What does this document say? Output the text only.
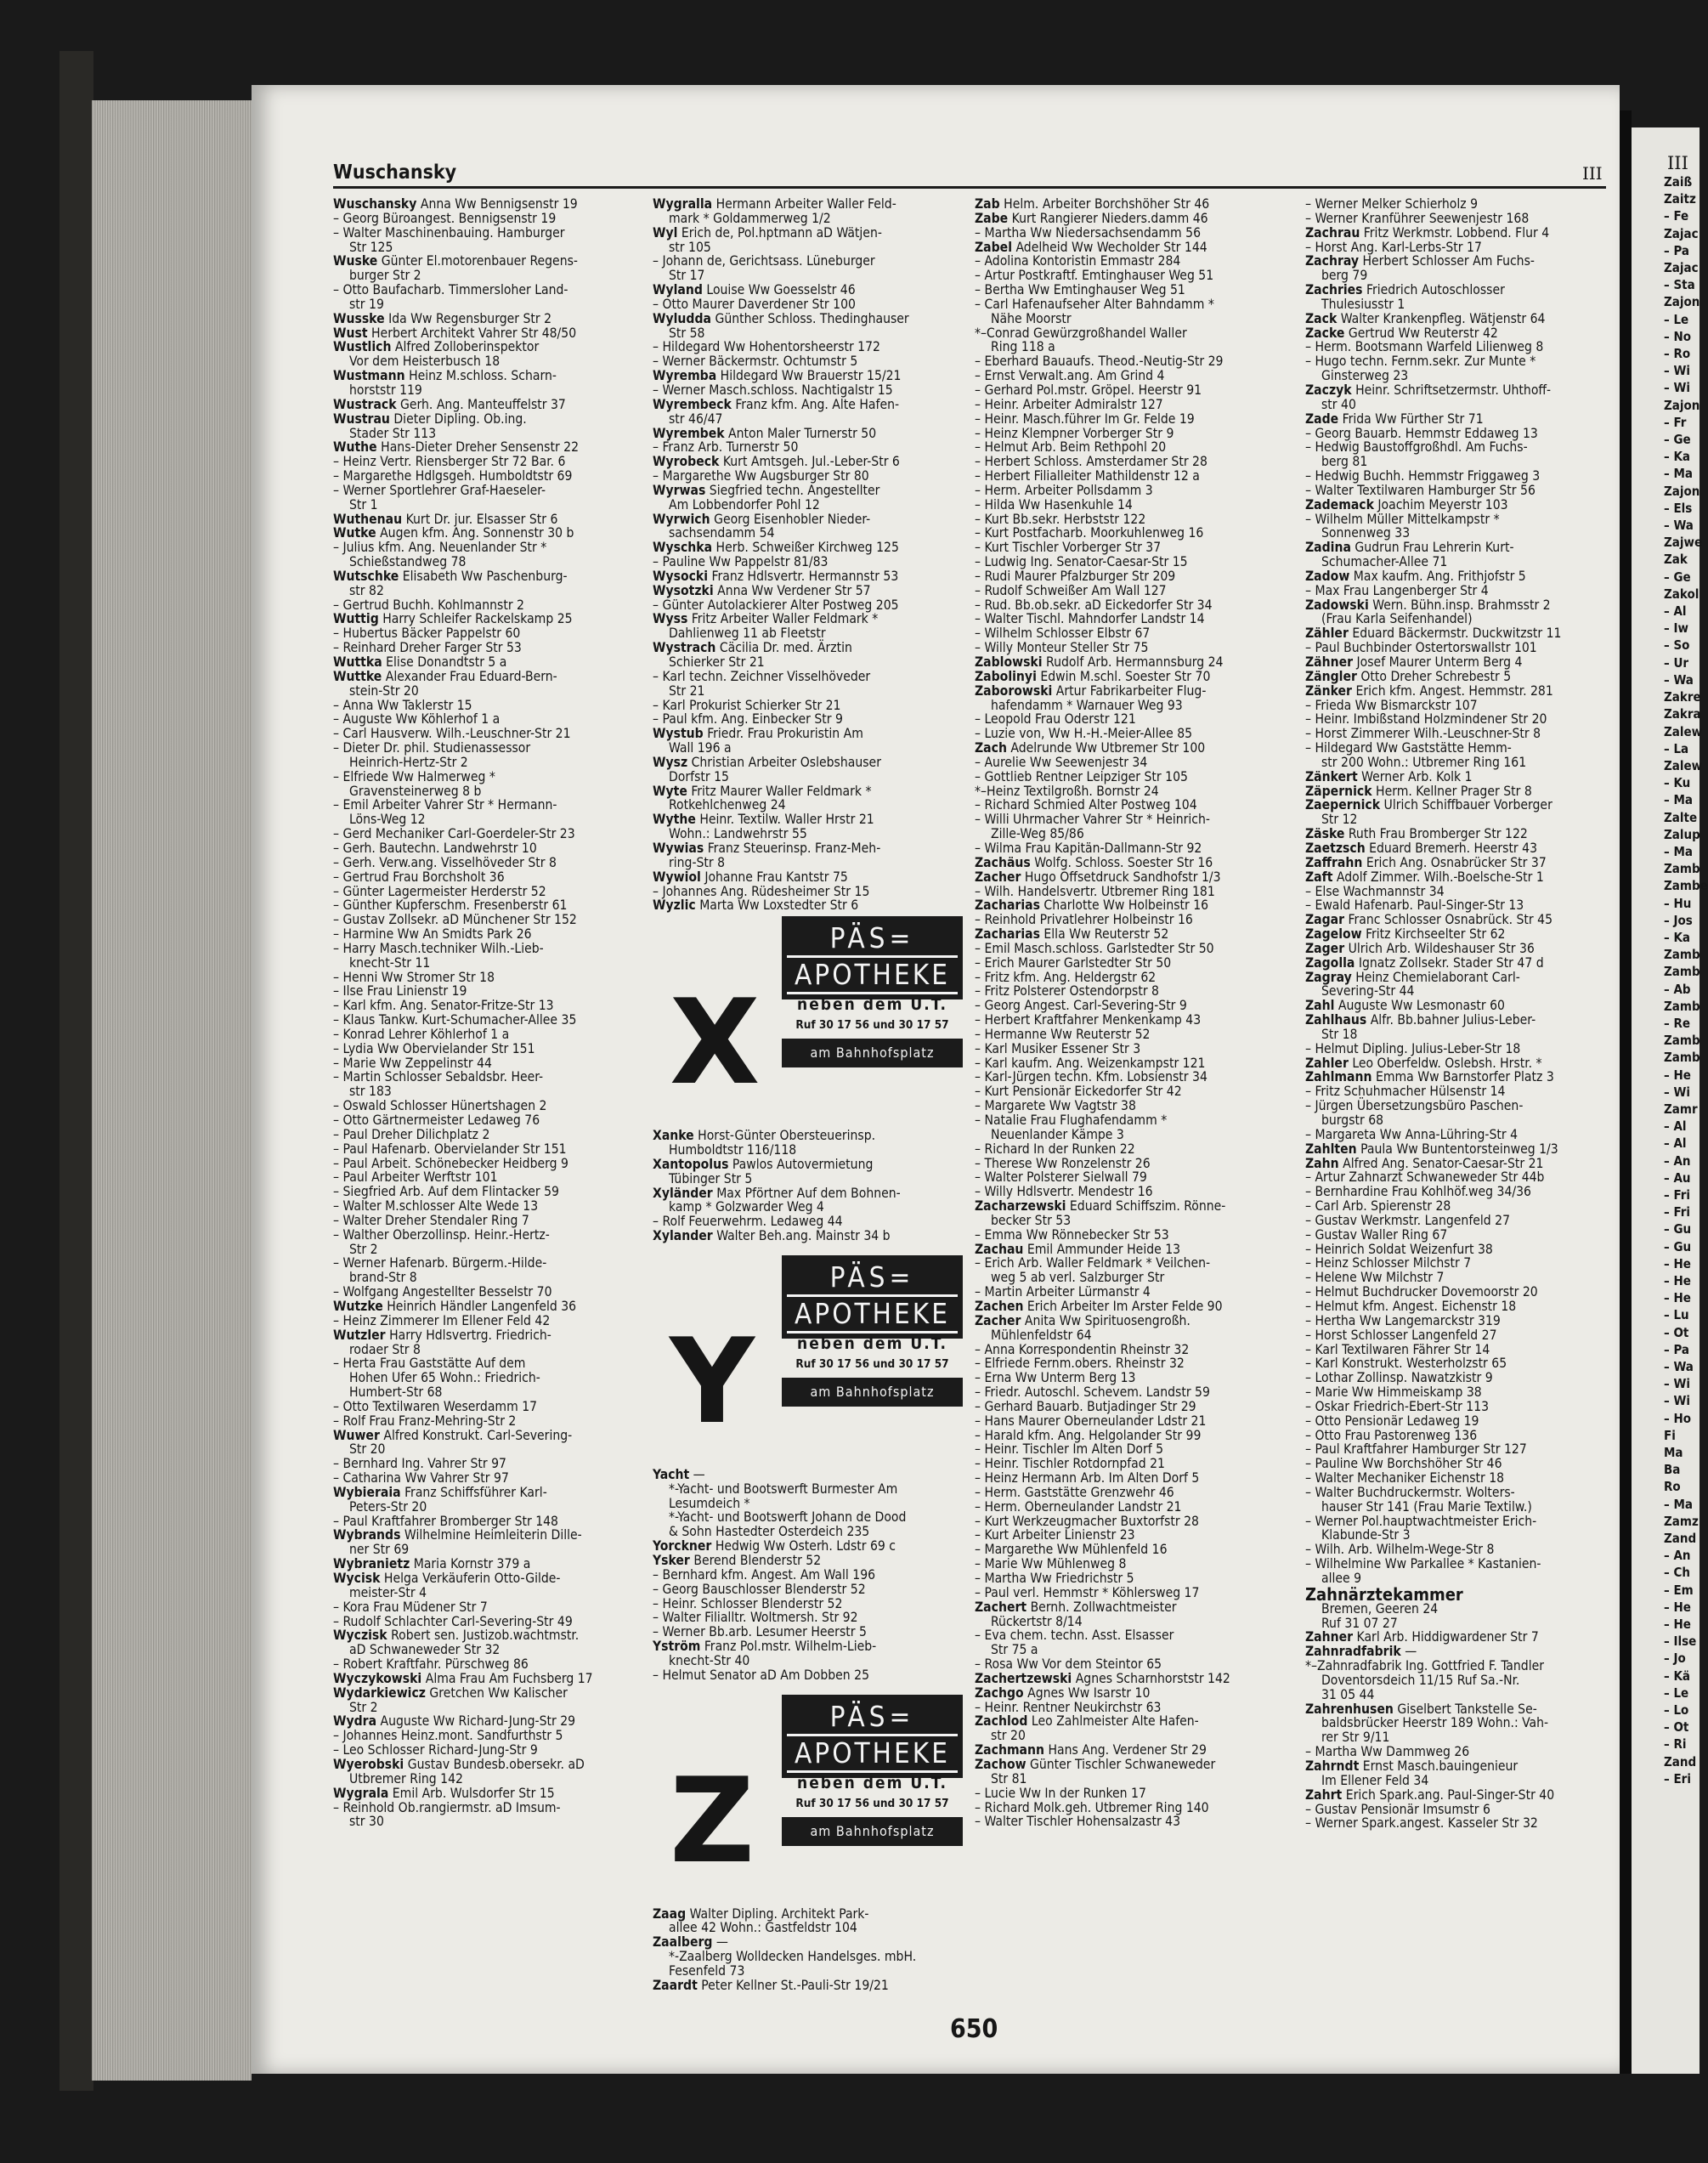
III
Zaiß
Zaitz
– Fe
Zajac
– Pa
Zajac
– Sta
Zajon
– Le
– No
– Ro
– Wi
– Wi
Zajon
– Fr
– Ge
– Ka
– Ma
Zajon
– Els
– Wa
Zajwe
Zak
– Ge
Zakol
– Al
– Iw
– So
– Ur
– Wa
Zakre
Zakra
Zalew
– La
Zalew
– Ku
– Ma
Zalte
Zalup
– Ma
Zamb
Zambe
– Hu
– Jos
– Ka
Zamb
Zamb
– Ab
Zamb
– Re
Zamb
Zamb
– He
– Wi
Zamr
– Al
– Al
– An
– Au
– Fri
– Fri
– Gu
– Gu
– He
– He
– He
– Lu
– Ot
– Pa
– Wa
– Wi
– Wi
– Ho
Fi
Ma
Ba
Ro
– Ma
Zamz
Zand
– An
– Ch
– Em
– He
– He
– Ilse
– Jo
– Kä
– Le
– Lo
– Ot
– Ri
Zand
– Eri
Wuschansky	III
Wuschansky Anna Ww Bennigsenstr 19
– Georg Büroangest. Bennigsenstr 19
– Walter Maschinenbauing. Hamburger
Str 125
Wuske Günter El.motorenbauer Regens-
burger Str 2
– Otto Baufacharb. Timmersloher Land-
str 19
Wusske Ida Ww Regensburger Str 2
Wust Herbert Architekt Vahrer Str 48/50
Wustlich Alfred Zolloberinspektor
Vor dem Heisterbusch 18
Wustmann Heinz M.schloss. Scharn-
horststr 119
Wustrack Gerh. Ang. Manteuffelstr 37
Wustrau Dieter Dipling. Ob.ing.
Stader Str 113
Wuthe Hans-Dieter Dreher Sensenstr 22
– Heinz Vertr. Riensberger Str 72 Bar. 6
– Margarethe Hdlgsgeh. Humboldtstr 69
– Werner Sportlehrer Graf-Haeseler-
Str 1
Wuthenau Kurt Dr. jur. Elsasser Str 6
Wutke Augen kfm. Ang. Sonnenstr 30 b
– Julius kfm. Ang. Neuenlander Str *
Schießstandweg 78
Wutschke Elisabeth Ww Paschenburg-
str 82
– Gertrud Buchh. Kohlmannstr 2
Wuttig Harry Schleifer Rackelskamp 25
– Hubertus Bäcker Pappelstr 60
– Reinhard Dreher Farger Str 53
Wuttka Elise Donandtstr 5 a
Wuttke Alexander Frau Eduard-Bern-
stein-Str 20
– Anna Ww Taklerstr 15
– Auguste Ww Köhlerhof 1 a
– Carl Hausverw. Wilh.-Leuschner-Str 21
– Dieter Dr. phil. Studienassessor
Heinrich-Hertz-Str 2
– Elfriede Ww Halmerweg *
Gravensteinerweg 8 b
– Emil Arbeiter Vahrer Str * Hermann-
Löns-Weg 12
– Gerd Mechaniker Carl-Goerdeler-Str 23
– Gerh. Bautechn. Landwehrstr 10
– Gerh. Verw.ang. Visselhöveder Str 8
– Gertrud Frau Borchsholt 36
– Günter Lagermeister Herderstr 52
– Günther Kupferschm. Fresenberstr 61
– Gustav Zollsekr. aD Münchener Str 152
– Harmine Ww An Smidts Park 26
– Harry Masch.techniker Wilh.-Lieb-
knecht-Str 11
– Henni Ww Stromer Str 18
– Ilse Frau Linienstr 19
– Karl kfm. Ang. Senator-Fritze-Str 13
– Klaus Tankw. Kurt-Schumacher-Allee 35
– Konrad Lehrer Köhlerhof 1 a
– Lydia Ww Obervielander Str 151
– Marie Ww Zeppelinstr 44
– Martin Schlosser Sebaldsbr. Heer-
str 183
– Oswald Schlosser Hünertshagen 2
– Otto Gärtnermeister Ledaweg 76
– Paul Dreher Dilichplatz 2
– Paul Hafenarb. Obervielander Str 151
– Paul Arbeit. Schönebecker Heidberg 9
– Paul Arbeiter Werftstr 101
– Siegfried Arb. Auf dem Flintacker 59
– Walter M.schlosser Alte Wede 13
– Walter Dreher Stendaler Ring 7
– Walther Oberzollinsp. Heinr.-Hertz-
Str 2
– Werner Hafenarb. Bürgerm.-Hilde-
brand-Str 8
– Wolfgang Angestellter Besselstr 70
Wutzke Heinrich Händler Langenfeld 36
– Heinz Zimmerer Im Ellener Feld 42
Wutzler Harry Hdlsvertrg. Friedrich-
rodaer Str 8
– Herta Frau Gaststätte Auf dem
Hohen Ufer 65 Wohn.: Friedrich-
Humbert-Str 68
– Otto Textilwaren Weserdamm 17
– Rolf Frau Franz-Mehring-Str 2
Wuwer Alfred Konstrukt. Carl-Severing-
Str 20
– Bernhard Ing. Vahrer Str 97
– Catharina Ww Vahrer Str 97
Wybieraia Franz Schiffsführer Karl-
Peters-Str 20
– Paul Kraftfahrer Bromberger Str 148
Wybrands Wilhelmine Heimleiterin Dille-
ner Str 69
Wybranietz Maria Kornstr 379 a
Wycisk Helga Verkäuferin Otto-Gilde-
meister-Str 4
– Kora Frau Müdener Str 7
– Rudolf Schlachter Carl-Severing-Str 49
Wyczisk Robert sen. Justizob.wachtmstr.
aD Schwaneweder Str 32
– Robert Kraftfahr. Pürschweg 86
Wyczykowski Alma Frau Am Fuchsberg 17
Wydarkiewicz Gretchen Ww Kalischer
Str 2
Wydra Auguste Ww Richard-Jung-Str 29
– Johannes Heinz.mont. Sandfurthstr 5
– Leo Schlosser Richard-Jung-Str 9
Wyerobski Gustav Bundesb.obersekr. aD
Utbremer Ring 142
Wygrala Emil Arb. Wulsdorfer Str 15
– Reinhold Ob.rangiermstr. aD Imsum-
str 30
Wygralla Hermann Arbeiter Waller Feld-
mark * Goldammerweg 1/2
Wyl Erich de, Pol.hptmann aD Wätjen-
str 105
– Johann de, Gerichtsass. Lüneburger
Str 17
Wyland Louise Ww Goesselstr 46
– Otto Maurer Daverdener Str 100
Wyludda Günther Schloss. Thedinghauser
Str 58
– Hildegard Ww Hohentorsheerstr 172
– Werner Bäckermstr. Ochtumstr 5
Wyremba Hildegard Ww Brauerstr 15/21
– Werner Masch.schloss. Nachtigalstr 15
Wyrembeck Franz kfm. Ang. Alte Hafen-
str 46/47
Wyrembek Anton Maler Turnerstr 50
– Franz Arb. Turnerstr 50
Wyrobeck Kurt Amtsgeh. Jul.-Leber-Str 6
– Margarethe Ww Augsburger Str 80
Wyrwas Siegfried techn. Angestellter
Am Lobbendorfer Pohl 12
Wyrwich Georg Eisenhobler Nieder-
sachsendamm 54
Wyschka Herb. Schweißer Kirchweg 125
– Pauline Ww Pappelstr 81/83
Wysocki Franz Hdlsvertr. Hermannstr 53
Wysotzki Anna Ww Verdener Str 57
– Günter Autolackierer Alter Postweg 205
Wyss Fritz Arbeiter Waller Feldmark *
Dahlienweg 11 ab Fleetstr
Wystrach Cäcilia Dr. med. Ärztin
Schierker Str 21
– Karl techn. Zeichner Visselhöveder
Str 21
– Karl Prokurist Schierker Str 21
– Paul kfm. Ang. Einbecker Str 9
Wystub Friedr. Frau Prokuristin Am
Wall 196 a
Wysz Christian Arbeiter Oslebshauser
Dorfstr 15
Wyte Fritz Maurer Waller Feldmark *
Rotkehlchenweg 24
Wythe Heinr. Textilw. Waller Hrstr 21
Wohn.: Landwehrstr 55
Wywias Franz Steuerinsp. Franz-Meh-
ring-Str 8
Wywiol Johanne Frau Kantstr 75
– Johannes Ang. Rüdesheimer Str 15
Wyzlic Marta Ww Loxstedter Str 6
X
PÄS=
APOTHEKE
neben dem U.T.
Ruf 30 17 56 und 30 17 57
am Bahnhofsplatz
Xanke Horst-Günter Obersteuerinsp.
Humboldtstr 116/118
Xantopolus Pawlos Autovermietung
Tübinger Str 5
Xyländer Max Pförtner Auf dem Bohnen-
kamp * Golzwarder Weg 4
– Rolf Feuerwehrm. Ledaweg 44
Xylander Walter Beh.ang. Mainstr 34 b
Y
PÄS=
APOTHEKE
neben dem U.T.
Ruf 30 17 56 und 30 17 57
am Bahnhofsplatz
Yacht —
*-Yacht- und Bootswerft Burmester Am
Lesumdeich *
*-Yacht- und Bootswerft Johann de Dood
& Sohn Hastedter Osterdeich 235
Yorckner Hedwig Ww Osterh. Ldstr 69 c
Ysker Berend Blenderstr 52
– Bernhard kfm. Angest. Am Wall 196
– Georg Bauschlosser Blenderstr 52
– Heinr. Schlosser Blenderstr 52
– Walter Filialltr. Woltmersh. Str 92
– Werner Bb.arb. Lesumer Heerstr 5
Yström Franz Pol.mstr. Wilhelm-Lieb-
knecht-Str 40
– Helmut Senator aD Am Dobben 25
Z
PÄS=
APOTHEKE
neben dem U.T.
Ruf 30 17 56 und 30 17 57
am Bahnhofsplatz
Zaag Walter Dipling. Architekt Park-
allee 42 Wohn.: Gastfeldstr 104
Zaalberg —
*-Zaalberg Wolldecken Handelsges. mbH.
Fesenfeld 73
Zaardt Peter Kellner St.-Pauli-Str 19/21
Zab Helm. Arbeiter Borchshöher Str 46
Zabe Kurt Rangierer Nieders.damm 46
– Martha Ww Niedersachsendamm 56
Zabel Adelheid Ww Wecholder Str 144
– Adolina Kontoristin Emmastr 284
– Artur Postkraftf. Emtinghauser Weg 51
– Bertha Ww Emtinghauser Weg 51
– Carl Hafenaufseher Alter Bahndamm *
Nähe Moorstr
*–Conrad Gewürzgroßhandel Waller
Ring 118 a
– Eberhard Bauaufs. Theod.-Neutig-Str 29
– Ernst Verwalt.ang. Am Grind 4
– Gerhard Pol.mstr. Gröpel. Heerstr 91
– Heinr. Arbeiter Admiralstr 127
– Heinr. Masch.führer Im Gr. Felde 19
– Heinz Klempner Vorberger Str 9
– Helmut Arb. Beim Rethpohl 20
– Herbert Schloss. Amsterdamer Str 28
– Herbert Filialleiter Mathildenstr 12 a
– Herm. Arbeiter Pollsdamm 3
– Hilda Ww Hasenkuhle 14
– Kurt Bb.sekr. Herbststr 122
– Kurt Postfacharb. Moorkuhlenweg 16
– Kurt Tischler Vorberger Str 37
– Ludwig Ing. Senator-Caesar-Str 15
– Rudi Maurer Pfalzburger Str 209
– Rudolf Schweißer Am Wall 127
– Rud. Bb.ob.sekr. aD Eickedorfer Str 34
– Walter Tischl. Mahndorfer Landstr 14
– Wilhelm Schlosser Elbstr 67
– Willy Monteur Steller Str 75
Zablowski Rudolf Arb. Hermannsburg 24
Zabolinyi Edwin M.schl. Soester Str 70
Zaborowski Artur Fabrikarbeiter Flug-
hafendamm * Warnauer Weg 93
– Leopold Frau Oderstr 121
– Luzie von, Ww H.-H.-Meier-Allee 85
Zach Adelrunde Ww Utbremer Str 100
– Aurelie Ww Seewenjestr 34
– Gottlieb Rentner Leipziger Str 105
*–Heinz Textilgroßh. Bornstr 24
– Richard Schmied Alter Postweg 104
– Willi Uhrmacher Vahrer Str * Heinrich-
Zille-Weg 85/86
– Wilma Frau Kapitän-Dallmann-Str 92
Zachäus Wolfg. Schloss. Soester Str 16
Zacher Hugo Offsetdruck Sandhofstr 1/3
– Wilh. Handelsvertr. Utbremer Ring 181
Zacharias Charlotte Ww Holbeinstr 16
– Reinhold Privatlehrer Holbeinstr 16
Zacharias Ella Ww Reuterstr 52
– Emil Masch.schloss. Garlstedter Str 50
– Erich Maurer Garlstedter Str 50
– Fritz kfm. Ang. Heldergstr 62
– Fritz Polsterer Ostendorpstr 8
– Georg Angest. Carl-Severing-Str 9
– Herbert Kraftfahrer Menkenkamp 43
– Hermanne Ww Reuterstr 52
– Karl Musiker Essener Str 3
– Karl kaufm. Ang. Weizenkampstr 121
– Karl-Jürgen techn. Kfm. Lobsienstr 34
– Kurt Pensionär Eickedorfer Str 42
– Margarete Ww Vagtstr 38
– Natalie Frau Flughafendamm *
Neuenlander Kämpe 3
– Richard In der Runken 22
– Therese Ww Ronzelenstr 26
– Walter Polsterer Sielwall 79
– Willy Hdlsvertr. Mendestr 16
Zacharzewski Eduard Schiffszim. Rönne-
becker Str 53
– Emma Ww Rönnebecker Str 53
Zachau Emil Ammunder Heide 13
– Erich Arb. Waller Feldmark * Veilchen-
weg 5 ab verl. Salzburger Str
– Martin Arbeiter Lürmanstr 4
Zachen Erich Arbeiter Im Arster Felde 90
Zacher Anita Ww Spirituosengroßh.
Mühlenfeldstr 64
– Anna Korrespondentin Rheinstr 32
– Elfriede Fernm.obers. Rheinstr 32
– Erna Ww Unterm Berg 13
– Friedr. Autoschl. Schevem. Landstr 59
– Gerhard Bauarb. Butjadinger Str 29
– Hans Maurer Oberneulander Ldstr 21
– Harald kfm. Ang. Helgolander Str 99
– Heinr. Tischler Im Alten Dorf 5
– Heinr. Tischler Rotdornpfad 21
– Heinz Hermann Arb. Im Alten Dorf 5
– Herm. Gaststätte Grenzwehr 46
– Herm. Oberneulander Landstr 21
– Kurt Werkzeugmacher Buxtorfstr 28
– Kurt Arbeiter Linienstr 23
– Margarethe Ww Mühlenfeld 16
– Marie Ww Mühlenweg 8
– Martha Ww Friedrichstr 5
– Paul verl. Hemmstr * Köhlersweg 17
Zachert Bernh. Zollwachtmeister
Rückertstr 8/14
– Eva chem. techn. Asst. Elsasser
Str 75 a
– Rosa Ww Vor dem Steintor 65
Zachertzewski Agnes Scharnhorststr 142
Zachgo Agnes Ww Isarstr 10
– Heinr. Rentner Neukirchstr 63
Zachlod Leo Zahlmeister Alte Hafen-
str 20
Zachmann Hans Ang. Verdener Str 29
Zachow Günter Tischler Schwaneweder
Str 81
– Lucie Ww In der Runken 17
– Richard Molk.geh. Utbremer Ring 140
– Walter Tischler Hohensalzastr 43
– Werner Melker Schierholz 9
– Werner Kranführer Seewenjestr 168
Zachrau Fritz Werkmstr. Lobbend. Flur 4
– Horst Ang. Karl-Lerbs-Str 17
Zachray Herbert Schlosser Am Fuchs-
berg 79
Zachries Friedrich Autoschlosser
Thulesiusstr 1
Zack Walter Krankenpfleg. Wätjenstr 64
Zacke Gertrud Ww Reuterstr 42
– Herm. Bootsmann Warfeld Lilienweg 8
– Hugo techn. Fernm.sekr. Zur Munte *
Ginsterweg 23
Zaczyk Heinr. Schriftsetzermstr. Uhthoff-
str 40
Zade Frida Ww Fürther Str 71
– Georg Bauarb. Hemmstr Eddaweg 13
– Hedwig Baustoffgroßhdl. Am Fuchs-
berg 81
– Hedwig Buchh. Hemmstr Friggaweg 3
– Walter Textilwaren Hamburger Str 56
Zademack Joachim Meyerstr 103
– Wilhelm Müller Mittelkampstr *
Sonnenweg 33
Zadina Gudrun Frau Lehrerin Kurt-
Schumacher-Allee 71
Zadow Max kaufm. Ang. Frithjofstr 5
– Max Frau Langenberger Str 4
Zadowski Wern. Bühn.insp. Brahmsstr 2
(Frau Karla Seifenhandel)
Zähler Eduard Bäckermstr. Duckwitzstr 11
– Paul Buchbinder Ostertorswallstr 101
Zähner Josef Maurer Unterm Berg 4
Zängler Otto Dreher Schrebestr 5
Zänker Erich kfm. Angest. Hemmstr. 281
– Frieda Ww Bismarckstr 107
– Heinr. Imbißstand Holzmindener Str 20
– Horst Zimmerer Wilh.-Leuschner-Str 8
– Hildegard Ww Gaststätte Hemm-
str 200 Wohn.: Utbremer Ring 161
Zänkert Werner Arb. Kolk 1
Zäpernick Herm. Kellner Prager Str 8
Zaepernick Ulrich Schiffbauer Vorberger
Str 12
Zäske Ruth Frau Bromberger Str 122
Zaetzsch Eduard Bremerh. Heerstr 43
Zaffrahn Erich Ang. Osnabrücker Str 37
Zaft Adolf Zimmer. Wilh.-Boelsche-Str 1
– Else Wachmannstr 34
– Ewald Hafenarb. Paul-Singer-Str 13
Zagar Franc Schlosser Osnabrück. Str 45
Zagelow Fritz Kirchseelter Str 62
Zager Ulrich Arb. Wildeshauser Str 36
Zagolla Ignatz Zollsekr. Stader Str 47 d
Zagray Heinz Chemielaborant Carl-
Severing-Str 44
Zahl Auguste Ww Lesmonastr 60
Zahlhaus Alfr. Bb.bahner Julius-Leber-
Str 18
– Helmut Dipling. Julius-Leber-Str 18
Zahler Leo Oberfeldw. Oslebsh. Hrstr. *
Zahlmann Emma Ww Barnstorfer Platz 3
– Fritz Schuhmacher Hülsenstr 14
– Jürgen Übersetzungsbüro Paschen-
burgstr 68
– Margareta Ww Anna-Lühring-Str 4
Zahlten Paula Ww Buntentorsteinweg 1/3
Zahn Alfred Ang. Senator-Caesar-Str 21
– Artur Zahnarzt Schwaneweder Str 44b
– Bernhardine Frau Kohlhöf.weg 34/36
– Carl Arb. Spierenstr 28
– Gustav Werkmstr. Langenfeld 27
– Gustav Waller Ring 67
– Heinrich Soldat Weizenfurt 38
– Heinz Schlosser Milchstr 7
– Helene Ww Milchstr 7
– Helmut Buchdrucker Dovemoorstr 20
– Helmut kfm. Angest. Eichenstr 18
– Hertha Ww Langemarckstr 319
– Horst Schlosser Langenfeld 27
– Karl Textilwaren Fährer Str 14
– Karl Konstrukt. Westerholzstr 65
– Lothar Zollinsp. Nawatzkistr 9
– Marie Ww Himmeiskamp 38
– Oskar Friedrich-Ebert-Str 113
– Otto Pensionär Ledaweg 19
– Otto Frau Pastorenweg 136
– Paul Kraftfahrer Hamburger Str 127
– Pauline Ww Borchshöher Str 46
– Walter Mechaniker Eichenstr 18
– Walter Buchdruckermstr. Wolters-
hauser Str 141 (Frau Marie Textilw.)
– Werner Pol.hauptwachtmeister Erich-
Klabunde-Str 3
– Wilh. Arb. Wilhelm-Wege-Str 8
– Wilhelmine Ww Parkallee * Kastanien-
allee 9
Zahnärztekammer
Bremen, Geeren 24
Ruf 31 07 27
Zahner Karl Arb. Hiddigwardener Str 7
Zahnradfabrik —
*–Zahnradfabrik Ing. Gottfried F. Tandler
Doventorsdeich 11/15 Ruf Sa.-Nr.
31 05 44
Zahrenhusen Giselbert Tankstelle Se-
baldsbrücker Heerstr 189 Wohn.: Vah-
rer Str 9/11
– Martha Ww Dammweg 26
Zahrndt Ernst Masch.bauingenieur
Im Ellener Feld 34
Zahrt Erich Spark.ang. Paul-Singer-Str 40
– Gustav Pensionär Imsumstr 6
– Werner Spark.angest. Kasseler Str 32
650
